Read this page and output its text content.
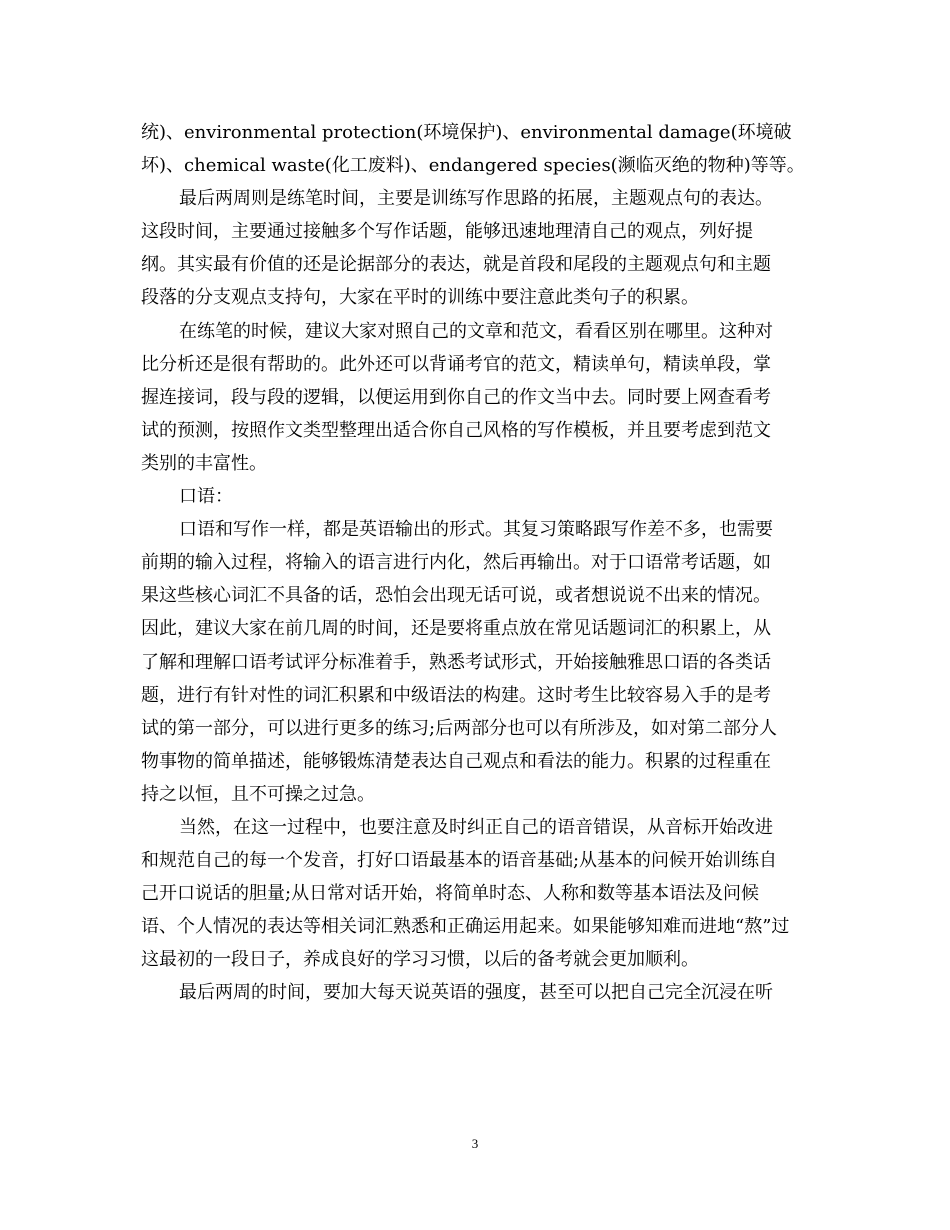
统)、environmental protection(环境保护)、environmental damage(环境破
坏)、chemical waste(化工废料)、endangered species(濒临灭绝的物种)等等。
最后两周则是练笔时间，主要是训练写作思路的拓展，主题观点句的表达。
这段时间，主要通过接触多个写作话题，能够迅速地理清自己的观点，列好提
纲。其实最有价值的还是论据部分的表达，就是首段和尾段的主题观点句和主题
段落的分支观点支持句，大家在平时的训练中要注意此类句子的积累。
在练笔的时候，建议大家对照自己的文章和范文，看看区别在哪里。这种对
比分析还是很有帮助的。此外还可以背诵考官的范文，精读单句，精读单段，掌
握连接词，段与段的逻辑，以便运用到你自己的作文当中去。同时要上网查看考
试的预测，按照作文类型整理出适合你自己风格的写作模板，并且要考虑到范文
类别的丰富性。
口语：
口语和写作一样，都是英语输出的形式。其复习策略跟写作差不多，也需要
前期的输入过程，将输入的语言进行内化，然后再输出。对于口语常考话题，如
果这些核心词汇不具备的话，恐怕会出现无话可说，或者想说说不出来的情况。
因此，建议大家在前几周的时间，还是要将重点放在常见话题词汇的积累上，从
了解和理解口语考试评分标准着手，熟悉考试形式，开始接触雅思口语的各类话
题，进行有针对性的词汇积累和中级语法的构建。这时考生比较容易入手的是考
试的第一部分，可以进行更多的练习;后两部分也可以有所涉及，如对第二部分人
物事物的简单描述，能够锻炼清楚表达自己观点和看法的能力。积累的过程重在
持之以恒，且不可操之过急。
当然，在这一过程中，也要注意及时纠正自己的语音错误，从音标开始改进
和规范自己的每一个发音，打好口语最基本的语音基础;从基本的问候开始训练自
己开口说话的胆量;从日常对话开始，将简单时态、人称和数等基本语法及问候
语、个人情况的表达等相关词汇熟悉和正确运用起来。如果能够知难而进地“熬”过
这最初的一段日子，养成良好的学习习惯，以后的备考就会更加顺利。
最后两周的时间，要加大每天说英语的强度，甚至可以把自己完全沉浸在听
3
